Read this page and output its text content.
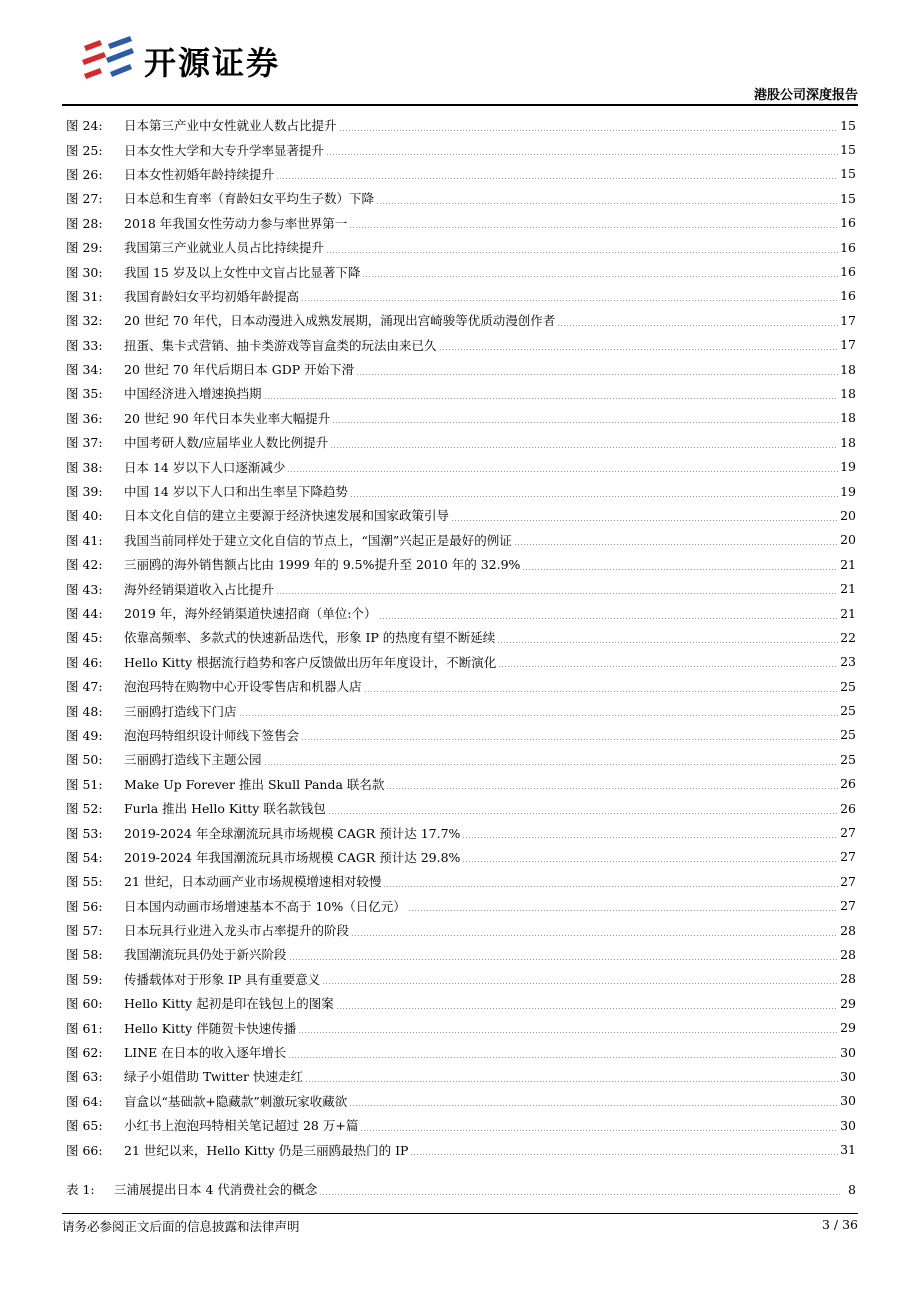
开源证券
港股公司深度报告
图 24:	日本第三产业中女性就业人数占比提升	15
图 25:	日本女性大学和大专升学率显著提升	15
图 26:	日本女性初婚年龄持续提升	15
图 27:	日本总和生育率（育龄妇女平均生子数）下降	15
图 28:	2018 年我国女性劳动力参与率世界第一	16
图 29:	我国第三产业就业人员占比持续提升	16
图 30:	我国 15 岁及以上女性中文盲占比显著下降	16
图 31:	我国育龄妇女平均初婚年龄提高	16
图 32:	20 世纪 70 年代，日本动漫进入成熟发展期，涌现出宫崎骏等优质动漫创作者	17
图 33:	扭蛋、集卡式营销、抽卡类游戏等盲盒类的玩法由来已久	17
图 34:	20 世纪 70 年代后期日本 GDP 开始下滑	18
图 35:	中国经济进入增速换挡期	18
图 36:	20 世纪 90 年代日本失业率大幅提升	18
图 37:	中国考研人数/应届毕业人数比例提升	18
图 38:	日本 14 岁以下人口逐渐减少	19
图 39:	中国 14 岁以下人口和出生率呈下降趋势	19
图 40:	日本文化自信的建立主要源于经济快速发展和国家政策引导	20
图 41:	我国当前同样处于建立文化自信的节点上，“国潮”兴起正是最好的例证	20
图 42:	三丽鸥的海外销售额占比由 1999 年的 9.5%提升至 2010 年的 32.9%	21
图 43:	海外经销渠道收入占比提升	21
图 44:	2019 年，海外经销渠道快速招商（单位:个）	21
图 45:	依靠高频率、多款式的快速新品迭代，形象 IP 的热度有望不断延续	22
图 46:	Hello Kitty 根据流行趋势和客户反馈做出历年年度设计，不断演化	23
图 47:	泡泡玛特在购物中心开设零售店和机器人店	25
图 48:	三丽鸥打造线下门店	25
图 49:	泡泡玛特组织设计师线下签售会	25
图 50:	三丽鸥打造线下主题公园	25
图 51:	Make Up Forever 推出 Skull Panda 联名款	26
图 52:	Furla 推出 Hello Kitty 联名款钱包	26
图 53:	2019-2024 年全球潮流玩具市场规模 CAGR 预计达 17.7%	27
图 54:	2019-2024 年我国潮流玩具市场规模 CAGR 预计达 29.8%	27
图 55:	21 世纪，日本动画产业市场规模增速相对较慢	27
图 56:	日本国内动画市场增速基本不高于 10%（日亿元）	27
图 57:	日本玩具行业进入龙头市占率提升的阶段	28
图 58:	我国潮流玩具仍处于新兴阶段	28
图 59:	传播载体对于形象 IP 具有重要意义	28
图 60:	Hello Kitty 起初是印在钱包上的图案	29
图 61:	Hello Kitty 伴随贺卡快速传播	29
图 62:	LINE 在日本的收入逐年增长	30
图 63:	绿子小姐借助 Twitter 快速走红	30
图 64:	盲盒以“基础款+隐藏款”刺激玩家收藏欲	30
图 65:	小红书上泡泡玛特相关笔记超过 28 万+篇	30
图 66:	21 世纪以来，Hello Kitty 仍是三丽鸥最热门的 IP	31
表 1:	三浦展提出日本 4 代消费社会的概念	8
请务必参阅正文后面的信息披露和法律声明	3 / 36
